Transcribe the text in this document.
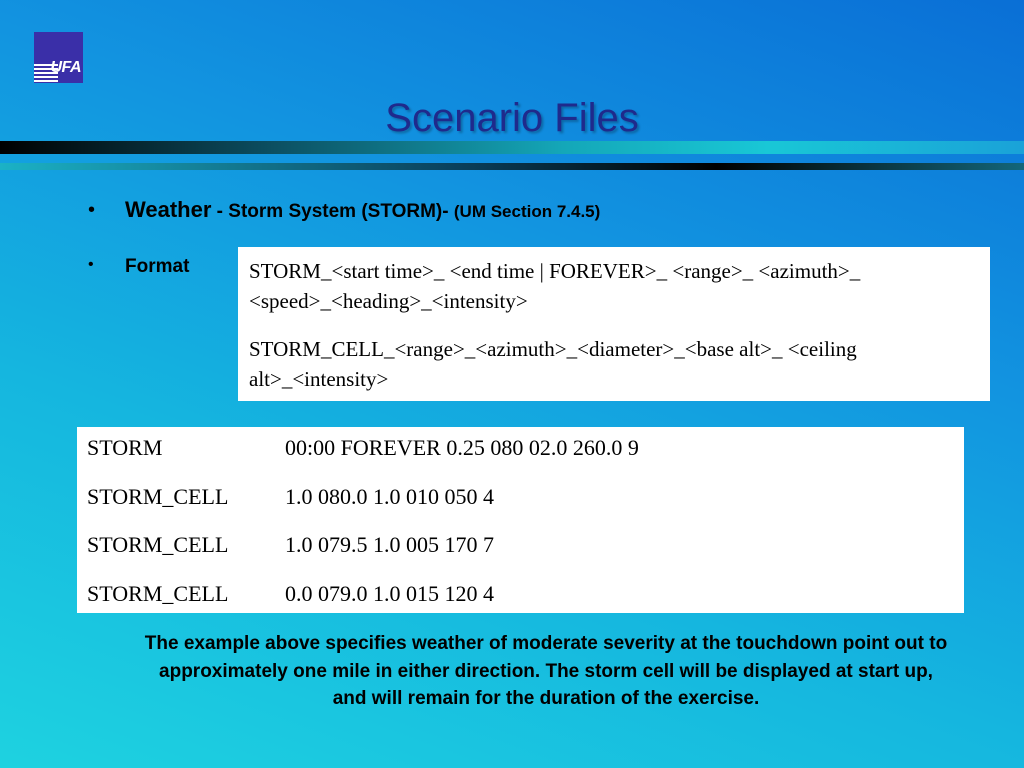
UFA
Scenario Files
• Weather - Storm System (STORM)- (UM Section 7.4.5)
• Format	STORM_<start time>_ <end time | FOREVER>_ <range>_ <azimuth>_ <speed>_<heading>_<intensity>

STORM_CELL_<range>_<azimuth>_<diameter>_<base alt>_ <ceiling alt>_<intensity>

STORM	00:00 FOREVER 0.25 080 02.0 260.0 9
STORM_CELL	1.0 080.0 1.0 010 050 4
STORM_CELL	1.0 079.5 1.0 005 170 7
STORM_CELL	0.0 079.0 1.0 015 120 4
The example above specifies weather of moderate severity at the touchdown point out to approximately one mile in either direction. The storm cell will be displayed at start up, and will remain for the duration of the exercise.
